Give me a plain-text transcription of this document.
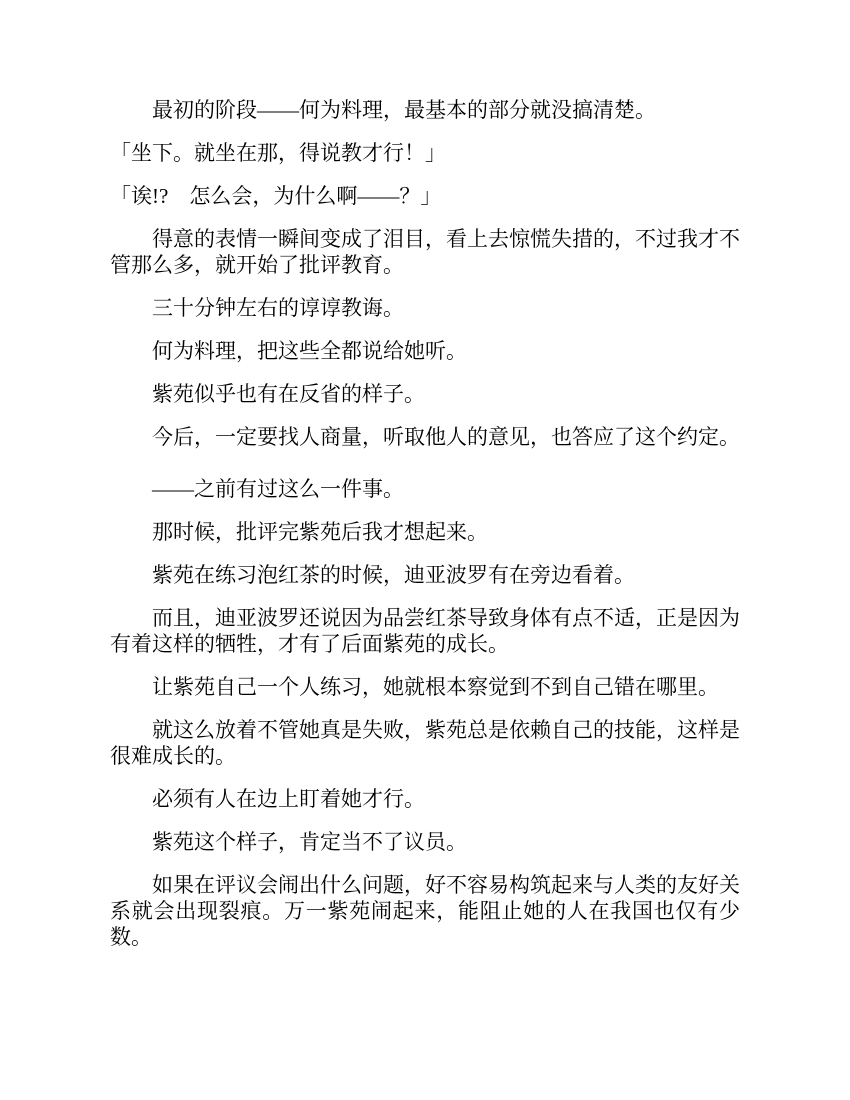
最初的阶段——何为料理，最基本的部分就没搞清楚。

「坐下。就坐在那，得说教才行！」

「诶!?　怎么会，为什么啊——？」

得意的表情一瞬间变成了泪目，看上去惊慌失措的，不过我才不管那么多，就开始了批评教育。

三十分钟左右的谆谆教诲。

何为料理，把这些全都说给她听。

紫苑似乎也有在反省的样子。

今后，一定要找人商量，听取他人的意见，也答应了这个约定。

——之前有过这么一件事。

那时候，批评完紫苑后我才想起来。

紫苑在练习泡红茶的时候，迪亚波罗有在旁边看着。

而且，迪亚波罗还说因为品尝红茶导致身体有点不适，正是因为有着这样的牺牲，才有了后面紫苑的成长。

让紫苑自己一个人练习，她就根本察觉到不到自己错在哪里。

就这么放着不管她真是失败，紫苑总是依赖自己的技能，这样是很难成长的。

必须有人在边上盯着她才行。

紫苑这个样子，肯定当不了议员。

如果在评议会闹出什么问题，好不容易构筑起来与人类的友好关系就会出现裂痕。万一紫苑闹起来，能阻止她的人在我国也仅有少数。
